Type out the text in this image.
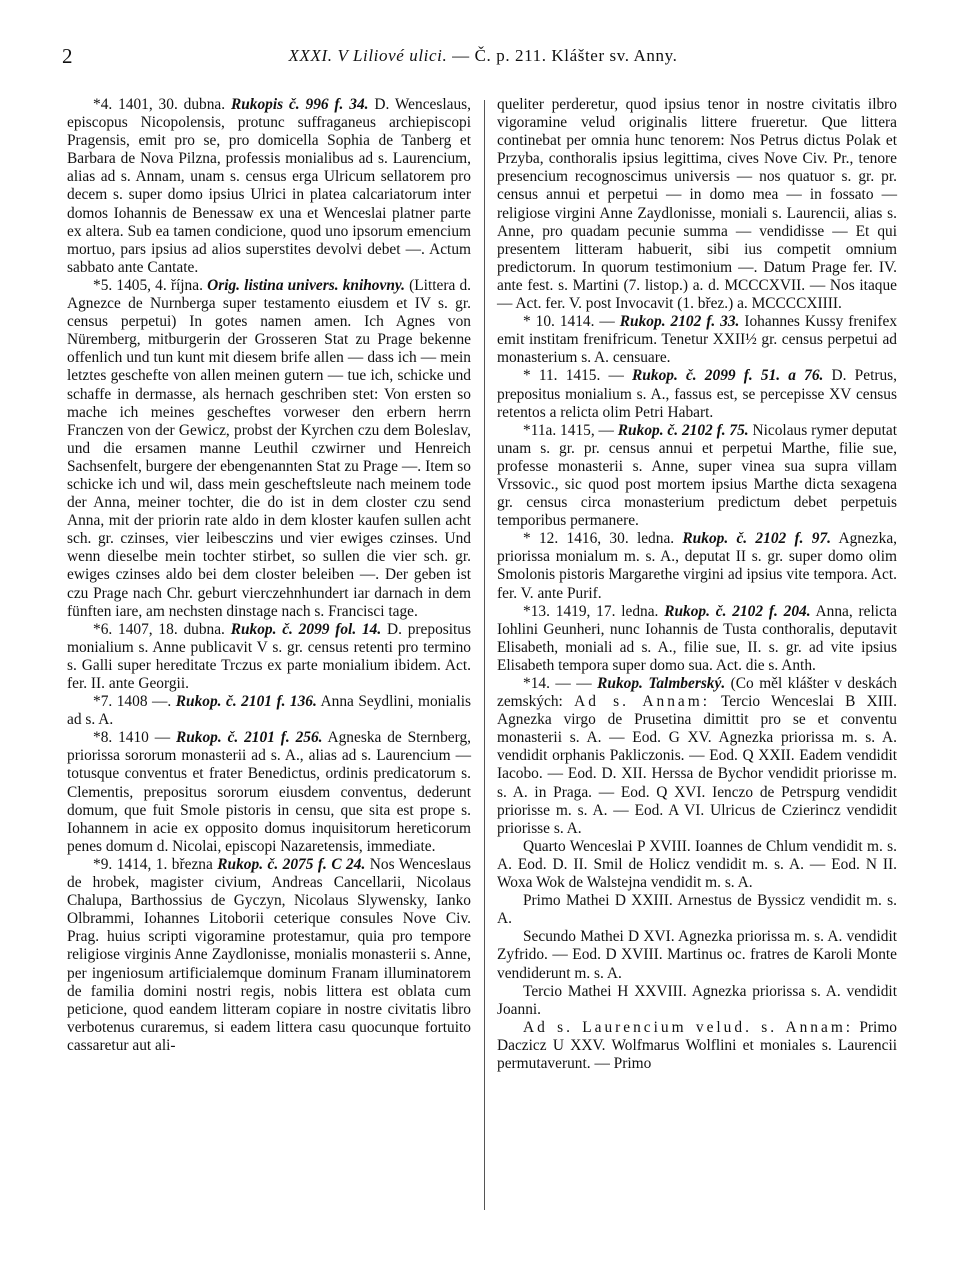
2	XXXI. V Liliové ulici. — Č. p. 211. Klášter sv. Anny.

*4. 1401, 30. dubna. Rukopis č. 996 f. 34. D. Wenceslaus, episcopus Nicopolensis, protunc suffraganeus archiepiscopi Pragensis, emit pro se, pro domicella Sophia de Tanberg et Barbara de Nova Pilzna, professis monialibus ad s. Laurencium, alias ad s. Annam, unam s. census erga Ulricum sellatorem pro decem s. super domo ipsius Ulrici in platea calcariatorum inter domos Iohannis de Benessaw ex una et Wenceslai platner parte ex altera. Sub ea tamen condicione, quod uno ipsorum emencium mortuo, pars ipsius ad alios superstites devolvi debet —. Actum sabbato ante Cantate.

*5. 1405, 4. října. Orig. listina univers. knihovny. (Littera d. Agnezce de Nurnberga super testamento eiusdem et IV s. gr. census perpetui) In gotes namen amen. Ich Agnes von Nüremberg, mitburgerin der Grosseren Stat zu Prage bekenne offenlich und tun kunt mit diesem brife allen — dass ich — mein letztes geschefte von allen meinen gutern — tue ich, schicke und schaffe in dermasse, als hernach geschriben stet: Von ersten so mache ich meines gescheftes vorweser den erbern herrn Franczen von der Gewicz, probst der Kyrchen czu dem Boleslav, und die ersamen manne Leuthil czwirner und Henreich Sachsenfelt, burgere der ebengenannten Stat zu Prage —. Item so schicke ich und wil, dass mein gescheftsleute nach meinem tode der Anna, meiner tochter, die do ist in dem closter czu send Anna, mit der priorin rate aldo in dem kloster kaufen sullen acht sch. gr. czinses, vier leibesczins und vier ewiges czinses. Und wenn dieselbe mein tochter stirbet, so sullen die vier sch. gr. ewiges czinses aldo bei dem closter beleiben —. Der geben ist czu Prage nach Chr. geburt vierczehnhundert iar darnach in dem fünften iare, am nechsten dinstage nach s. Francisci tage.

*6. 1407, 18. dubna. Rukop. č. 2099 fol. 14. D. prepositus monialium s. Anne publicavit V s. gr. census retenti pro termino s. Galli super hereditate Trczus ex parte monialium ibidem. Act. fer. II. ante Georgii.

*7. 1408 —. Rukop. č. 2101 f. 136. Anna Seydlini, monialis ad s. A.

*8. 1410 — Rukop. č. 2101 f. 256. Agneska de Sternberg, priorissa sororum monasterii ad s. A., alias ad s. Laurencium — totusque conventus et frater Benedictus, ordinis predicatorum s. Clementis, prepositus sororum eiusdem conventus, dederunt domum, que fuit Smole pistoris in censu, que sita est prope s. Iohannem in acie ex opposito domus inquisitorum hereticorum penes domum d. Nicolai, episcopi Nazaretensis, immediate.

*9. 1414, 1. března Rukop. č. 2075 f. C 24. Nos Wenceslaus de hrobek, magister civium, Andreas Cancellarii, Nicolaus Chalupa, Barthossius de Gyczyn, Nicolaus Slywensky, Ianko Olbrammi, Iohannes Litoborii ceterique consules Nove Civ. Prag. huius scripti vigoramine protestamur, quia pro tempore religiose virginis Anne Zaydlonisse, monialis monasterii s. Anne, per ingeniosum artificialemque dominum Franam illuminatorem de familia domini nostri regis, nobis littera est oblata cum peticione, quod eandem litteram copiare in nostre civitatis libro verbotenus curaremus, si eadem littera casu quocunque fortuito cassaretur aut ali-

queliter perderetur, quod ipsius tenor in nostre civitatis ilbro vigoramine velud originalis littere frueretur. Que littera continebat per omnia hunc tenorem: Nos Petrus dictus Polak et Przyba, conthoralis ipsius legittima, cives Nove Civ. Pr., tenore presencium recognoscimus universis — nos quatuor s. gr. pr. census annui et perpetui — in domo mea — in fossato — religiose virgini Anne Zaydlonisse, moniali s. Laurencii, alias s. Anne, pro quadam pecunie summa — vendidisse — Et qui presentem litteram habuerit, sibi ius competit omnium predictorum. In quorum testimonium —. Datum Prage fer. IV. ante fest. s. Martini (7. listop.) a. d. MCCCXVII. — Nos itaque — Act. fer. V. post Invocavit (1. břez.) a. MCCCCXIIII.

* 10. 1414. — Rukop. 2102 f. 33. Iohannes Kussy frenifex emit institam frenifricum. Tenetur XXII½ gr. census perpetui ad monasterium s. A. censuare.

* 11. 1415. — Rukop. č. 2099 f. 51. a 76. D. Petrus, prepositus monialium s. A., fassus est, se percepisse XV census retentos a relicta olim Petri Habart.

*11a. 1415, — Rukop. č. 2102 f. 75. Nicolaus rymer deputat unam s. gr. pr. census annui et perpetui Marthe, filie sue, professe monasterii s. Anne, super vinea sua supra villam Vrssovic., sic quod post mortem ipsius Marthe dicta sexagena gr. census circa monasterium predictum debet perpetuis temporibus permanere.

* 12. 1416, 30. ledna. Rukop. č. 2102 f. 97. Agnezka, priorissa monialum m. s. A., deputat II s. gr. super domo olim Smolonis pistoris Margarethe virgini ad ipsius vite tempora. Act. fer. V. ante Purif.

*13. 1419, 17. ledna. Rukop. č. 2102 f. 204. Anna, relicta Iohlini Geunheri, nunc Iohannis de Tusta conthoralis, deputavit Elisabeth, moniali ad s. A., filie sue, II. s. gr. ad vite ipsius Elisabeth tempora super domo sua. Act. die s. Anth.

*14. — — Rukop. Talmberský. (Co měl klášter v deskách zemských: Ad s. Annam: Tercio Wenceslai B XIII. Agnezka virgo de Prusetina dimittit pro se et conventu monasterii s. A. — Eod. G XV. Agnezka priorissa m. s. A. vendidit orphanis Pakliczonis. — Eod. Q XXII. Eadem vendidit Iacobo. — Eod. D. XII. Herssa de Bychor vendidit priorisse m. s. A. in Praga. — Eod. Q XVI. Ienczo de Petrspurg vendidit priorisse m. s. A. — Eod. A VI. Ulricus de Czierincz vendidit priorisse s. A.

Quarto Wenceslai P XVIII. Ioannes de Chlum vendidit m. s. A. Eod. D. II. Smil de Holicz vendidit m. s. A. — Eod. N II. Woxa Wok de Walstejna vendidit m. s. A.

Primo Mathei D XXIII. Arnestus de Byssicz vendidit m. s. A.

Secundo Mathei D XVI. Agnezka priorissa m. s. A. vendidit Zyfrido. — Eod. D XVIII. Martinus oc. fratres de Karoli Monte vendiderunt m. s. A.

Tercio Mathei H XXVIII. Agnezka priorissa s. A. vendidit Joanni.

Ad s. Laurencium velud. s. Annam: Primo Daczicz U XXV. Wolfmarus Wolflini et moniales s. Laurencii permutaverunt. — Primo
